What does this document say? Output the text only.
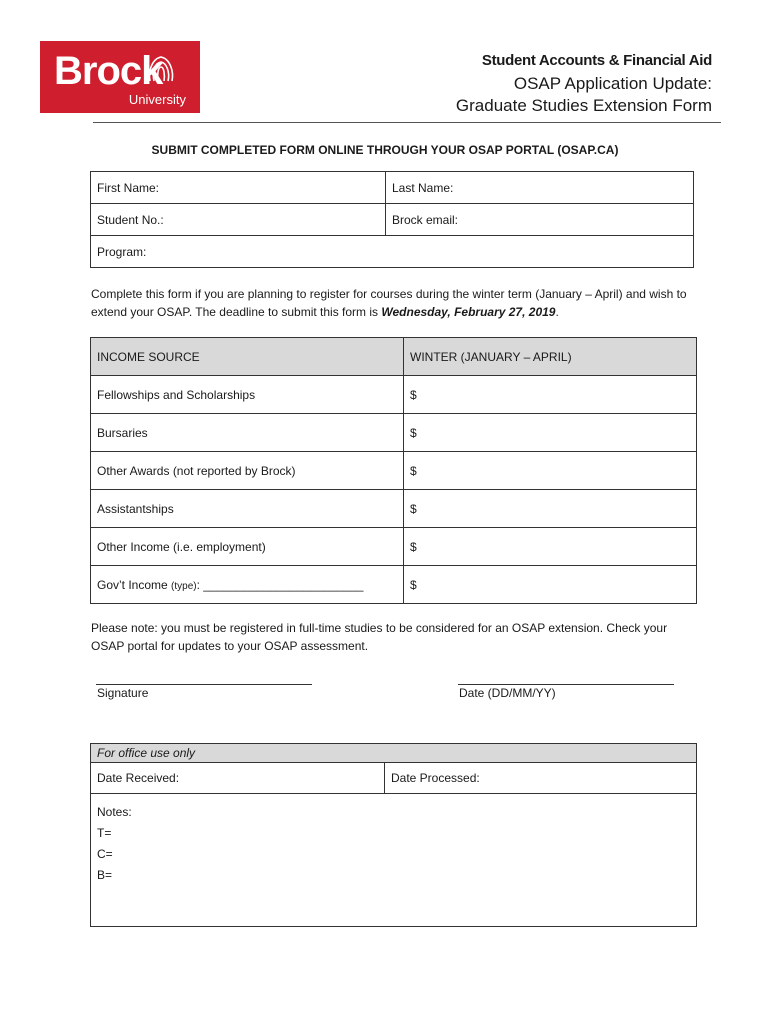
Brock
University
Student Accounts & Financial Aid
OSAP Application Update:
Graduate Studies Extension Form
SUBMIT COMPLETED FORM ONLINE THROUGH YOUR OSAP PORTAL (OSAP.CA)
First Name:	Last Name:
Student No.:	Brock email:
Program:	
Complete this form if you are planning to register for courses during the winter term (January – April) and wish to extend your OSAP. The deadline to submit this form is Wednesday, February 27, 2019.
INCOME SOURCE	WINTER (JANUARY – APRIL)
Fellowships and Scholarships	$
Bursaries	$
Other Awards (not reported by Brock)	$
Assistantships	$
Other Income (i.e. employment)	$
Gov’t Income (type): ________________________	$
Please note: you must be registered in full-time studies to be considered for an OSAP extension. Check your OSAP portal for updates to your OSAP assessment.
Signature	Date (DD/MM/YY)
For office use only
Date Received:	Date Processed:

Notes:
T=
C=
B=
